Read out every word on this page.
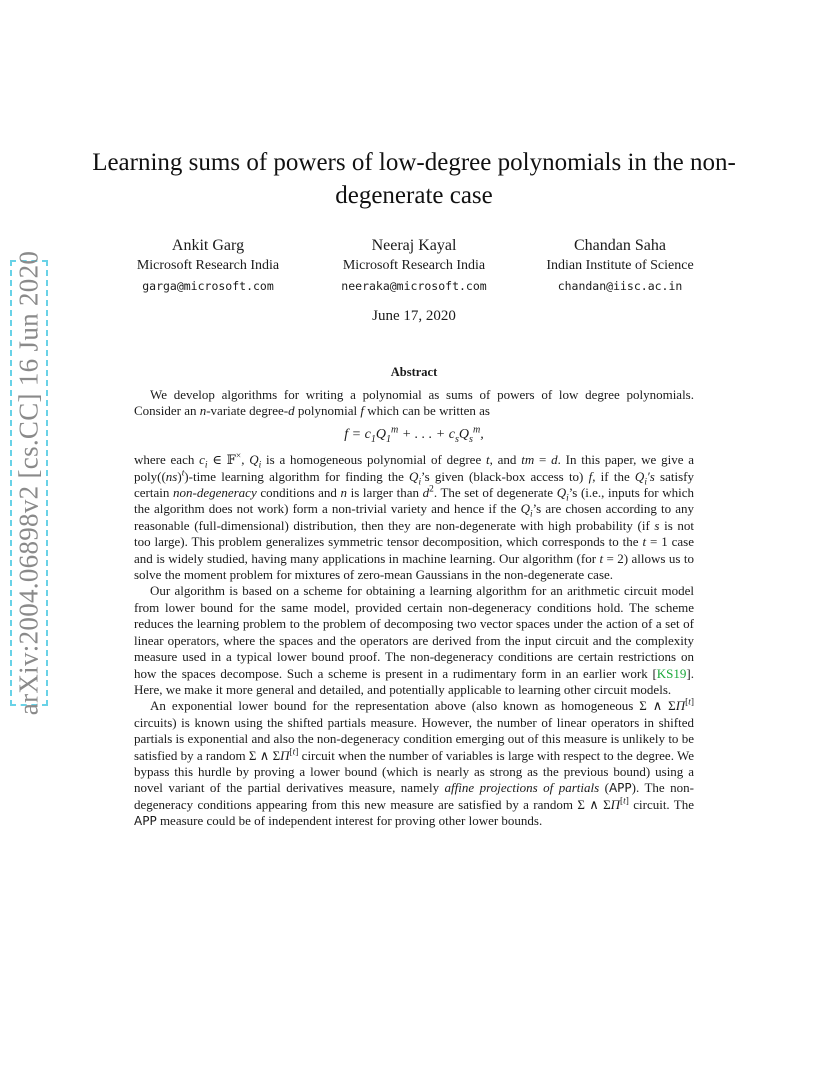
arXiv:2004.06898v2 [cs.CC] 16 Jun 2020
Learning sums of powers of low-degree polynomials in the non-degenerate case
Ankit Garg
Microsoft Research India
garga@microsoft.com
Neeraj Kayal
Microsoft Research India
neeraka@microsoft.com
Chandan Saha
Indian Institute of Science
chandan@iisc.ac.in
June 17, 2020
Abstract

We develop algorithms for writing a polynomial as sums of powers of low degree polynomials. Consider an n-variate degree-d polynomial f which can be written as

$f = c_1Q_1^m$ + . . . + $c_sQ_s^m$,

where each $c_i$ ∈ 𝔽×, $Q_i$ is a homogeneous polynomial of degree t, and tm = d. In this paper, we give a poly((ns)$^t$)-time learning algorithm for finding the $Q_i’s$ given (black-box access to) f, if the $Q_i's$ satisfy certain non-degeneracy conditions and n is larger than $d^2$. The set of degenerate $Q_i’s$ (i.e., inputs for which the algorithm does not work) form a non-trivial variety and hence if the $Q_i’s$ are chosen according to any reasonable (full-dimensional) distribution, then they are non-degenerate with high probability (if s is not too large). This problem generalizes symmetric tensor decomposition, which corresponds to the t = 1 case and is widely studied, having many applications in machine learning. Our algorithm (for t = 2) allows us to solve the moment problem for mixtures of zero-mean Gaussians in the non-degenerate case.

Our algorithm is based on a scheme for obtaining a learning algorithm for an arithmetic circuit model from lower bound for the same model, provided certain non-degeneracy conditions hold. The scheme reduces the learning problem to the problem of decomposing two vector spaces under the action of a set of linear operators, where the spaces and the operators are derived from the input circuit and the complexity measure used in a typical lower bound proof. The non-degeneracy conditions are certain restrictions on how the spaces decompose. Such a scheme is present in a rudimentary form in an earlier work [KS19]. Here, we make it more general and detailed, and potentially applicable to learning other circuit models.

An exponential lower bound for the representation above (also known as homogeneous Σ ∧ ΣΠ[t] circuits) is known using the shifted partials measure. However, the number of linear operators in shifted partials is exponential and also the non-degeneracy condition emerging out of this measure is unlikely to be satisfied by a random Σ ∧ ΣΠ[t] circuit when the number of variables is large with respect to the degree. We bypass this hurdle by proving a lower bound (which is nearly as strong as the previous bound) using a novel variant of the partial derivatives measure, namely affine projections of partials (APP). The non-degeneracy conditions appearing from this new measure are satisfied by a random Σ ∧ ΣΠ[t] circuit. The APP measure could be of independent interest for proving other lower bounds.
